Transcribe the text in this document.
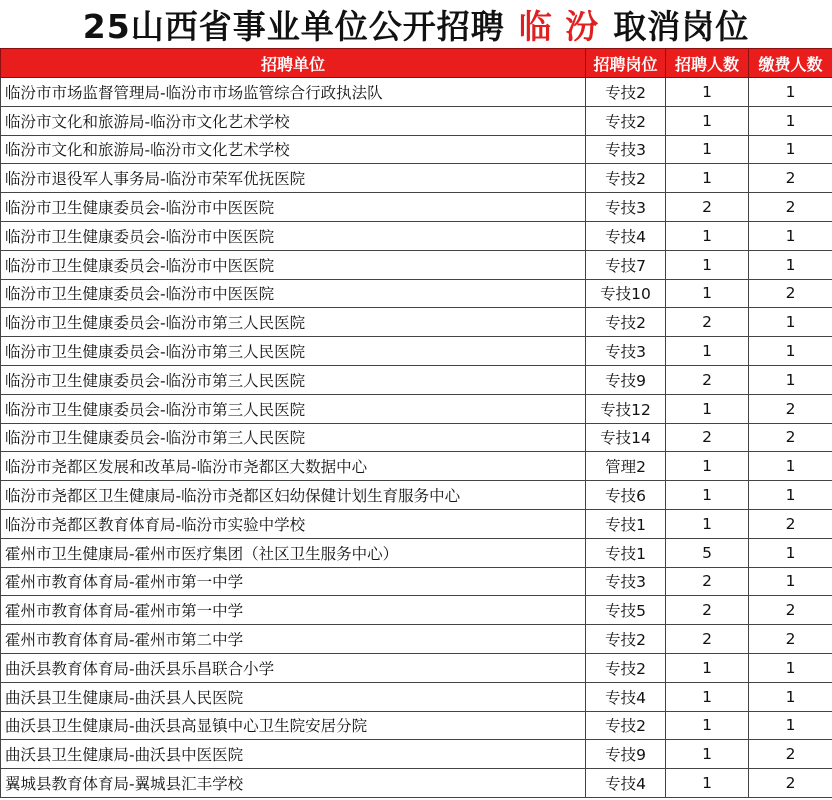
25山西省事业单位公开招聘 临 汾 取消岗位
招聘单位	招聘岗位	招聘人数	缴费人数
临汾市市场监督管理局-临汾市市场监管综合行政执法队	专技2	1	1
临汾市文化和旅游局-临汾市文化艺术学校	专技2	1	1
临汾市文化和旅游局-临汾市文化艺术学校	专技3	1	1
临汾市退役军人事务局-临汾市荣军优抚医院	专技2	1	2
临汾市卫生健康委员会-临汾市中医医院	专技3	2	2
临汾市卫生健康委员会-临汾市中医医院	专技4	1	1
临汾市卫生健康委员会-临汾市中医医院	专技7	1	1
临汾市卫生健康委员会-临汾市中医医院	专技10	1	2
临汾市卫生健康委员会-临汾市第三人民医院	专技2	2	1
临汾市卫生健康委员会-临汾市第三人民医院	专技3	1	1
临汾市卫生健康委员会-临汾市第三人民医院	专技9	2	1
临汾市卫生健康委员会-临汾市第三人民医院	专技12	1	2
临汾市卫生健康委员会-临汾市第三人民医院	专技14	2	2
临汾市尧都区发展和改革局-临汾市尧都区大数据中心	管理2	1	1
临汾市尧都区卫生健康局-临汾市尧都区妇幼保健计划生育服务中心	专技6	1	1
临汾市尧都区教育体育局-临汾市实验中学校	专技1	1	2
霍州市卫生健康局-霍州市医疗集团（社区卫生服务中心）	专技1	5	1
霍州市教育体育局-霍州市第一中学	专技3	2	1
霍州市教育体育局-霍州市第一中学	专技5	2	2
霍州市教育体育局-霍州市第二中学	专技2	2	2
曲沃县教育体育局-曲沃县乐昌联合小学	专技2	1	1
曲沃县卫生健康局-曲沃县人民医院	专技4	1	1
曲沃县卫生健康局-曲沃县高显镇中心卫生院安居分院	专技2	1	1
曲沃县卫生健康局-曲沃县中医医院	专技9	1	2
翼城县教育体育局-翼城县汇丰学校	专技4	1	2
